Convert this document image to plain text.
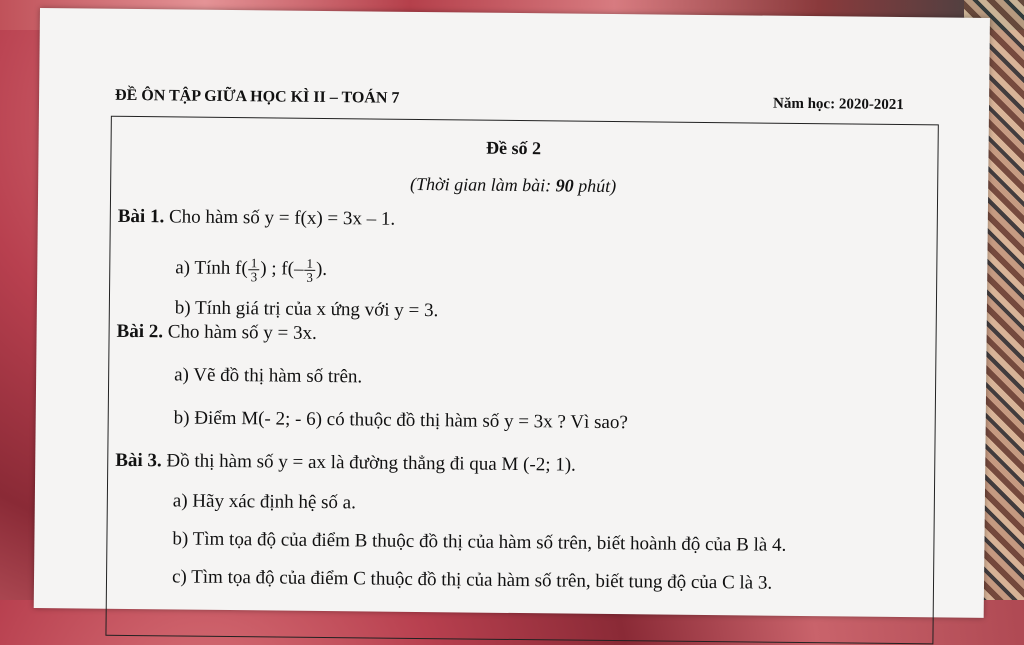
ĐỀ ÔN TẬP GIỮA HỌC KÌ II – TOÁN 7	Năm học: 2020-2021
Đề số 2
(Thời gian làm bài: 90 phút)
Bài 1. Cho hàm số y = f(x) = 3x – 1.
a) Tính $f( \frac{1}{3}$ ) ; $f(- \frac{1}{3}$ ).
b) Tính giá trị của x ứng với y = 3.
Bài 2. Cho hàm số y = 3x.
a) Vẽ đồ thị hàm số trên.
b) Điểm M(- 2; - 6) có thuộc đồ thị hàm số y = 3x ? Vì sao?
Bài 3. Đồ thị hàm số y = ax là đường thẳng đi qua M (-2; 1).
a) Hãy xác định hệ số a.
b) Tìm tọa độ của điểm B thuộc đồ thị của hàm số trên, biết hoành độ của B là 4.
c) Tìm tọa độ của điểm C thuộc đồ thị của hàm số trên, biết tung độ của C là 3.
